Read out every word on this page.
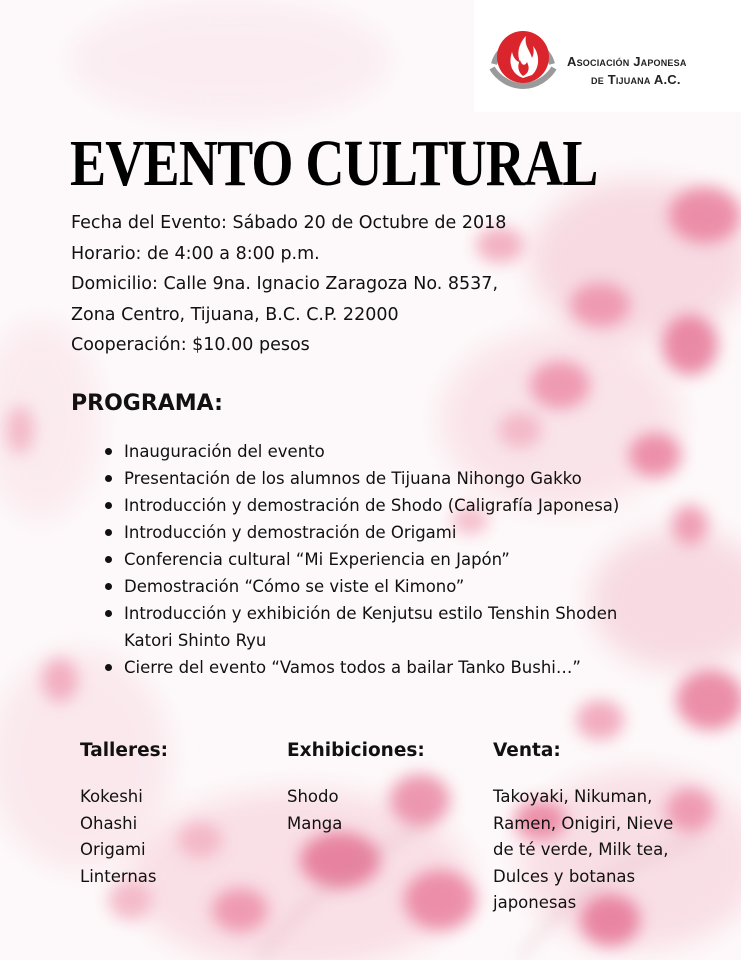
Asociación Japonesa
de Tijuana A.C.
EVENTO CULTURAL
Fecha del Evento: Sábado 20 de Octubre de 2018
Horario: de 4:00 a 8:00 p.m.
Domicilio: Calle 9na. Ignacio Zaragoza No. 8537,
Zona Centro, Tijuana, B.C. C.P. 22000
Cooperación: $10.00 pesos
PROGRAMA:
Inauguración del evento
Presentación de los alumnos de Tijuana Nihongo Gakko
Introducción y demostración de Shodo (Caligrafía Japonesa)
Introducción y demostración de Origami
Conferencia cultural “Mi Experiencia en Japón”
Demostración “Cómo se viste el Kimono”
Introducción y exhibición de Kenjutsu estilo Tenshin Shoden Katori Shinto Ryu
Cierre del evento “Vamos todos a bailar Tanko Bushi…”
Talleres:
Kokeshi
Ohashi
Origami
Linternas
Exhibiciones:
Shodo
Manga
Venta:
Takoyaki, Nikuman,
Ramen, Onigiri, Nieve
de té verde, Milk tea,
Dulces y botanas
japonesas
